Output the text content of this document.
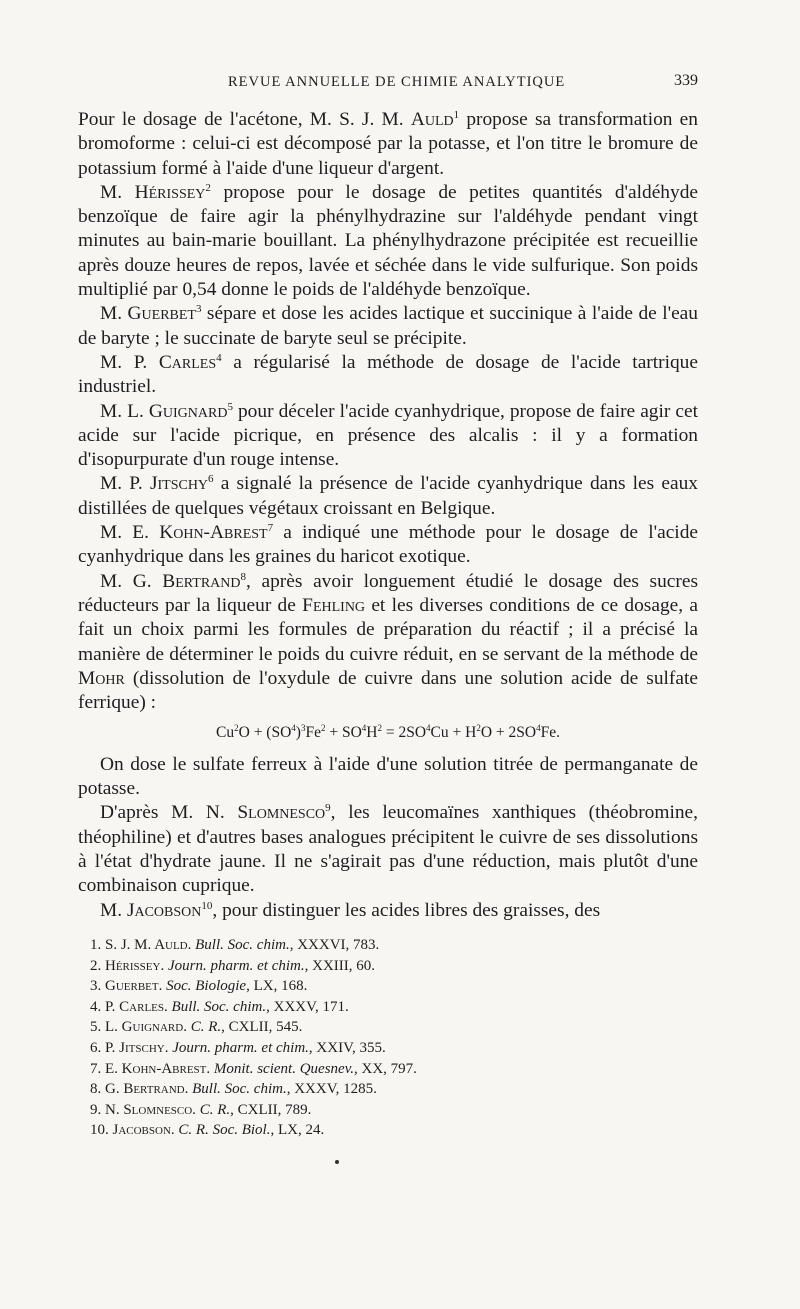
REVUE ANNUELLE DE CHIMIE ANALYTIQUE	339

Pour le dosage de l'acétone, M. S. J. M. Auld$^1$ propose sa transformation en bromoforme : celui-ci est décomposé par la potasse, et l'on titre le bromure de potassium formé à l'aide d'une liqueur d'argent.

M. Hérissey$^2$ propose pour le dosage de petites quantités d'aldéhyde benzoïque de faire agir la phénylhydrazine sur l'aldéhyde pendant vingt minutes au bain-marie bouillant. La phénylhydrazone précipitée est recueillie après douze heures de repos, lavée et séchée dans le vide sulfurique. Son poids multiplié par 0,54 donne le poids de l'aldéhyde benzoïque.

M. Guerbet$^3$ sépare et dose les acides lactique et succinique à l'aide de l'eau de baryte ; le succinate de baryte seul se précipite.

M. P. Carles$^4$ a régularisé la méthode de dosage de l'acide tartrique industriel.

M. L. Guignard$^5$ pour déceler l'acide cyanhydrique, propose de faire agir cet acide sur l'acide picrique, en présence des alcalis : il y a formation d'isopurpurate d'un rouge intense.

M. P. Jitschy$^6$ a signalé la présence de l'acide cyanhydrique dans les eaux distillées de quelques végétaux croissant en Belgique.

M. E. Kohn-Abrest$^7$ a indiqué une méthode pour le dosage de l'acide cyanhydrique dans les graines du haricot exotique.

M. G. Bertrand$^8$, après avoir longuement étudié le dosage des sucres réducteurs par la liqueur de Fehling et les diverses conditions de ce dosage, a fait un choix parmi les formules de préparation du réactif ; il a précisé la manière de déterminer le poids du cuivre réduit, en se servant de la méthode de Mohr (dissolution de l'oxydule de cuivre dans une solution acide de sulfate ferrique) :

$Cu^2O + (SO^4)^3Fe^2 + SO^4H^2 = 2SO^4Cu + H^2O + 2SO^4Fe$.

On dose le sulfate ferreux à l'aide d'une solution titrée de permanganate de potasse.

D'après M. N. Slomnesco$^9$, les leucomaïnes xanthiques (théobromine, théophiline) et d'autres bases analogues précipitent le cuivre de ses dissolutions à l'état d'hydrate jaune. Il ne s'agirait pas d'une réduction, mais plutôt d'une combinaison cuprique.

M. Jacobson$^{10}$, pour distinguer les acides libres des graisses, des

1. S. J. M. Auld. Bull. Soc. chim., XXXVI, 783.

2. Hérissey. Journ. pharm. et chim., XXIII, 60.

3. Guerbet. Soc. Biologie, LX, 168.

4. P. Carles. Bull. Soc. chim., XXXV, 171.

5. L. Guignard. C. R., CXLII, 545.

6. P. Jitschy. Journ. pharm. et chim., XXIV, 355.

7. E. Kohn-Abrest. Monit. scient. Quesnev., XX, 797.

8. G. Bertrand. Bull. Soc. chim., XXXV, 1285.

9. N. Slomnesco. C. R., CXLII, 789.

10. Jacobson. C. R. Soc. Biol., LX, 24.
